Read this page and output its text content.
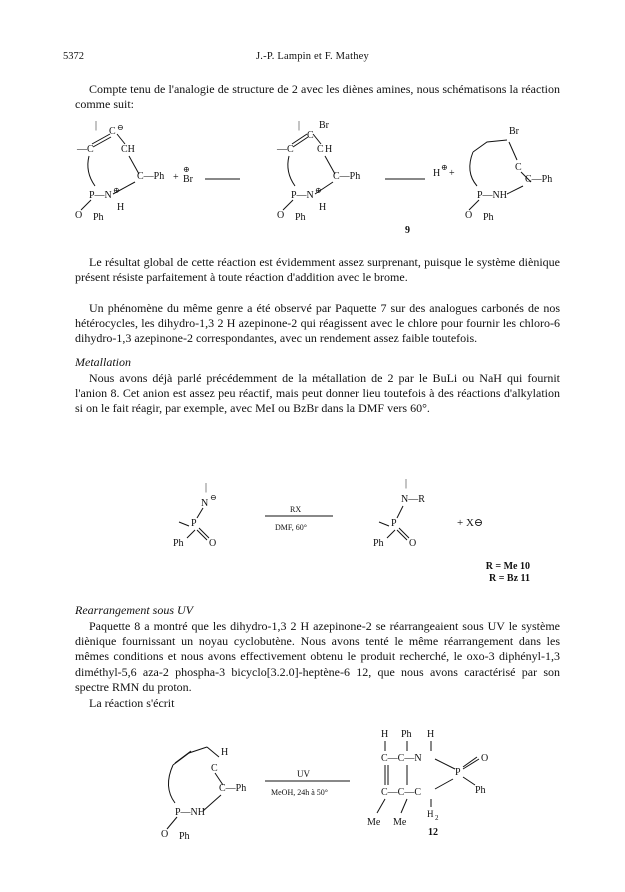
5372	J.-P. Lampin et F. Mathey

Compte tenu de l'analogie de structure de 2 avec les diènes amines, nous schématisons la réaction comme suit:

|
—C
C ⊖
CH
C—Ph
P—N ⊕
H
O Ph
+
⊕
Br
| Br
—C
C
C H
C—Ph
P—N ⊕
H
O Ph
H
⊕
+
Br
C
C—Ph
P—NH
O Ph
9

Le résultat global de cette réaction est évidemment assez surprenant, puisque le système diènique présent résiste parfaitement à toute réaction d'addition avec le brome.

Un phénomène du même genre a été observé par Paquette 7 sur des analogues carbonés de nos hétérocycles, les dihydro-1,3 2 H azepinone-2 qui réagissent avec le chlore pour fournir les chloro-6 dihydro-1,3 azepinone-2 correspondantes, avec un rendement assez faible toutefois.

Metallation

Nous avons déjà parlé précédemment de la métallation de 2 par le BuLi ou NaH qui fournit l'anion 8. Cet anion est assez peu réactif, mais peut donner lieu toutefois à des réactions d'alkylation si on le fait réagir, par exemple, avec MeI ou BzBr dans la DMF vers 60°.

|
N
⊖
P
Ph	O
RX
DMF, 60°
|
N—R
P
Ph	O
+ X⊖
R = Me 10
R = Bz 11
Rearrangement sous UV

Paquette 8 a montré que les dihydro-1,3 2 H azepinone-2 se réarrangeaient sous UV le système diènique fournissant un noyau cyclobutène. Nous avons tenté le même réarrangement dans les mêmes conditions et nous avons effectivement obtenu le produit recherché, le oxo-3 diphényl-1,3 diméthyl-5,6 aza-2 phospha-3 bicyclo[3.2.0]-heptène-6 12, que nous avons caractérisé par son spectre RMN du proton.

La réaction s'écrit

H
C
C—Ph
P—NH
O Ph
UV
MeOH, 24h à 50°
H Ph H
C—C—N
P
O
Ph
C—C—C
H 2
Me Me
12
